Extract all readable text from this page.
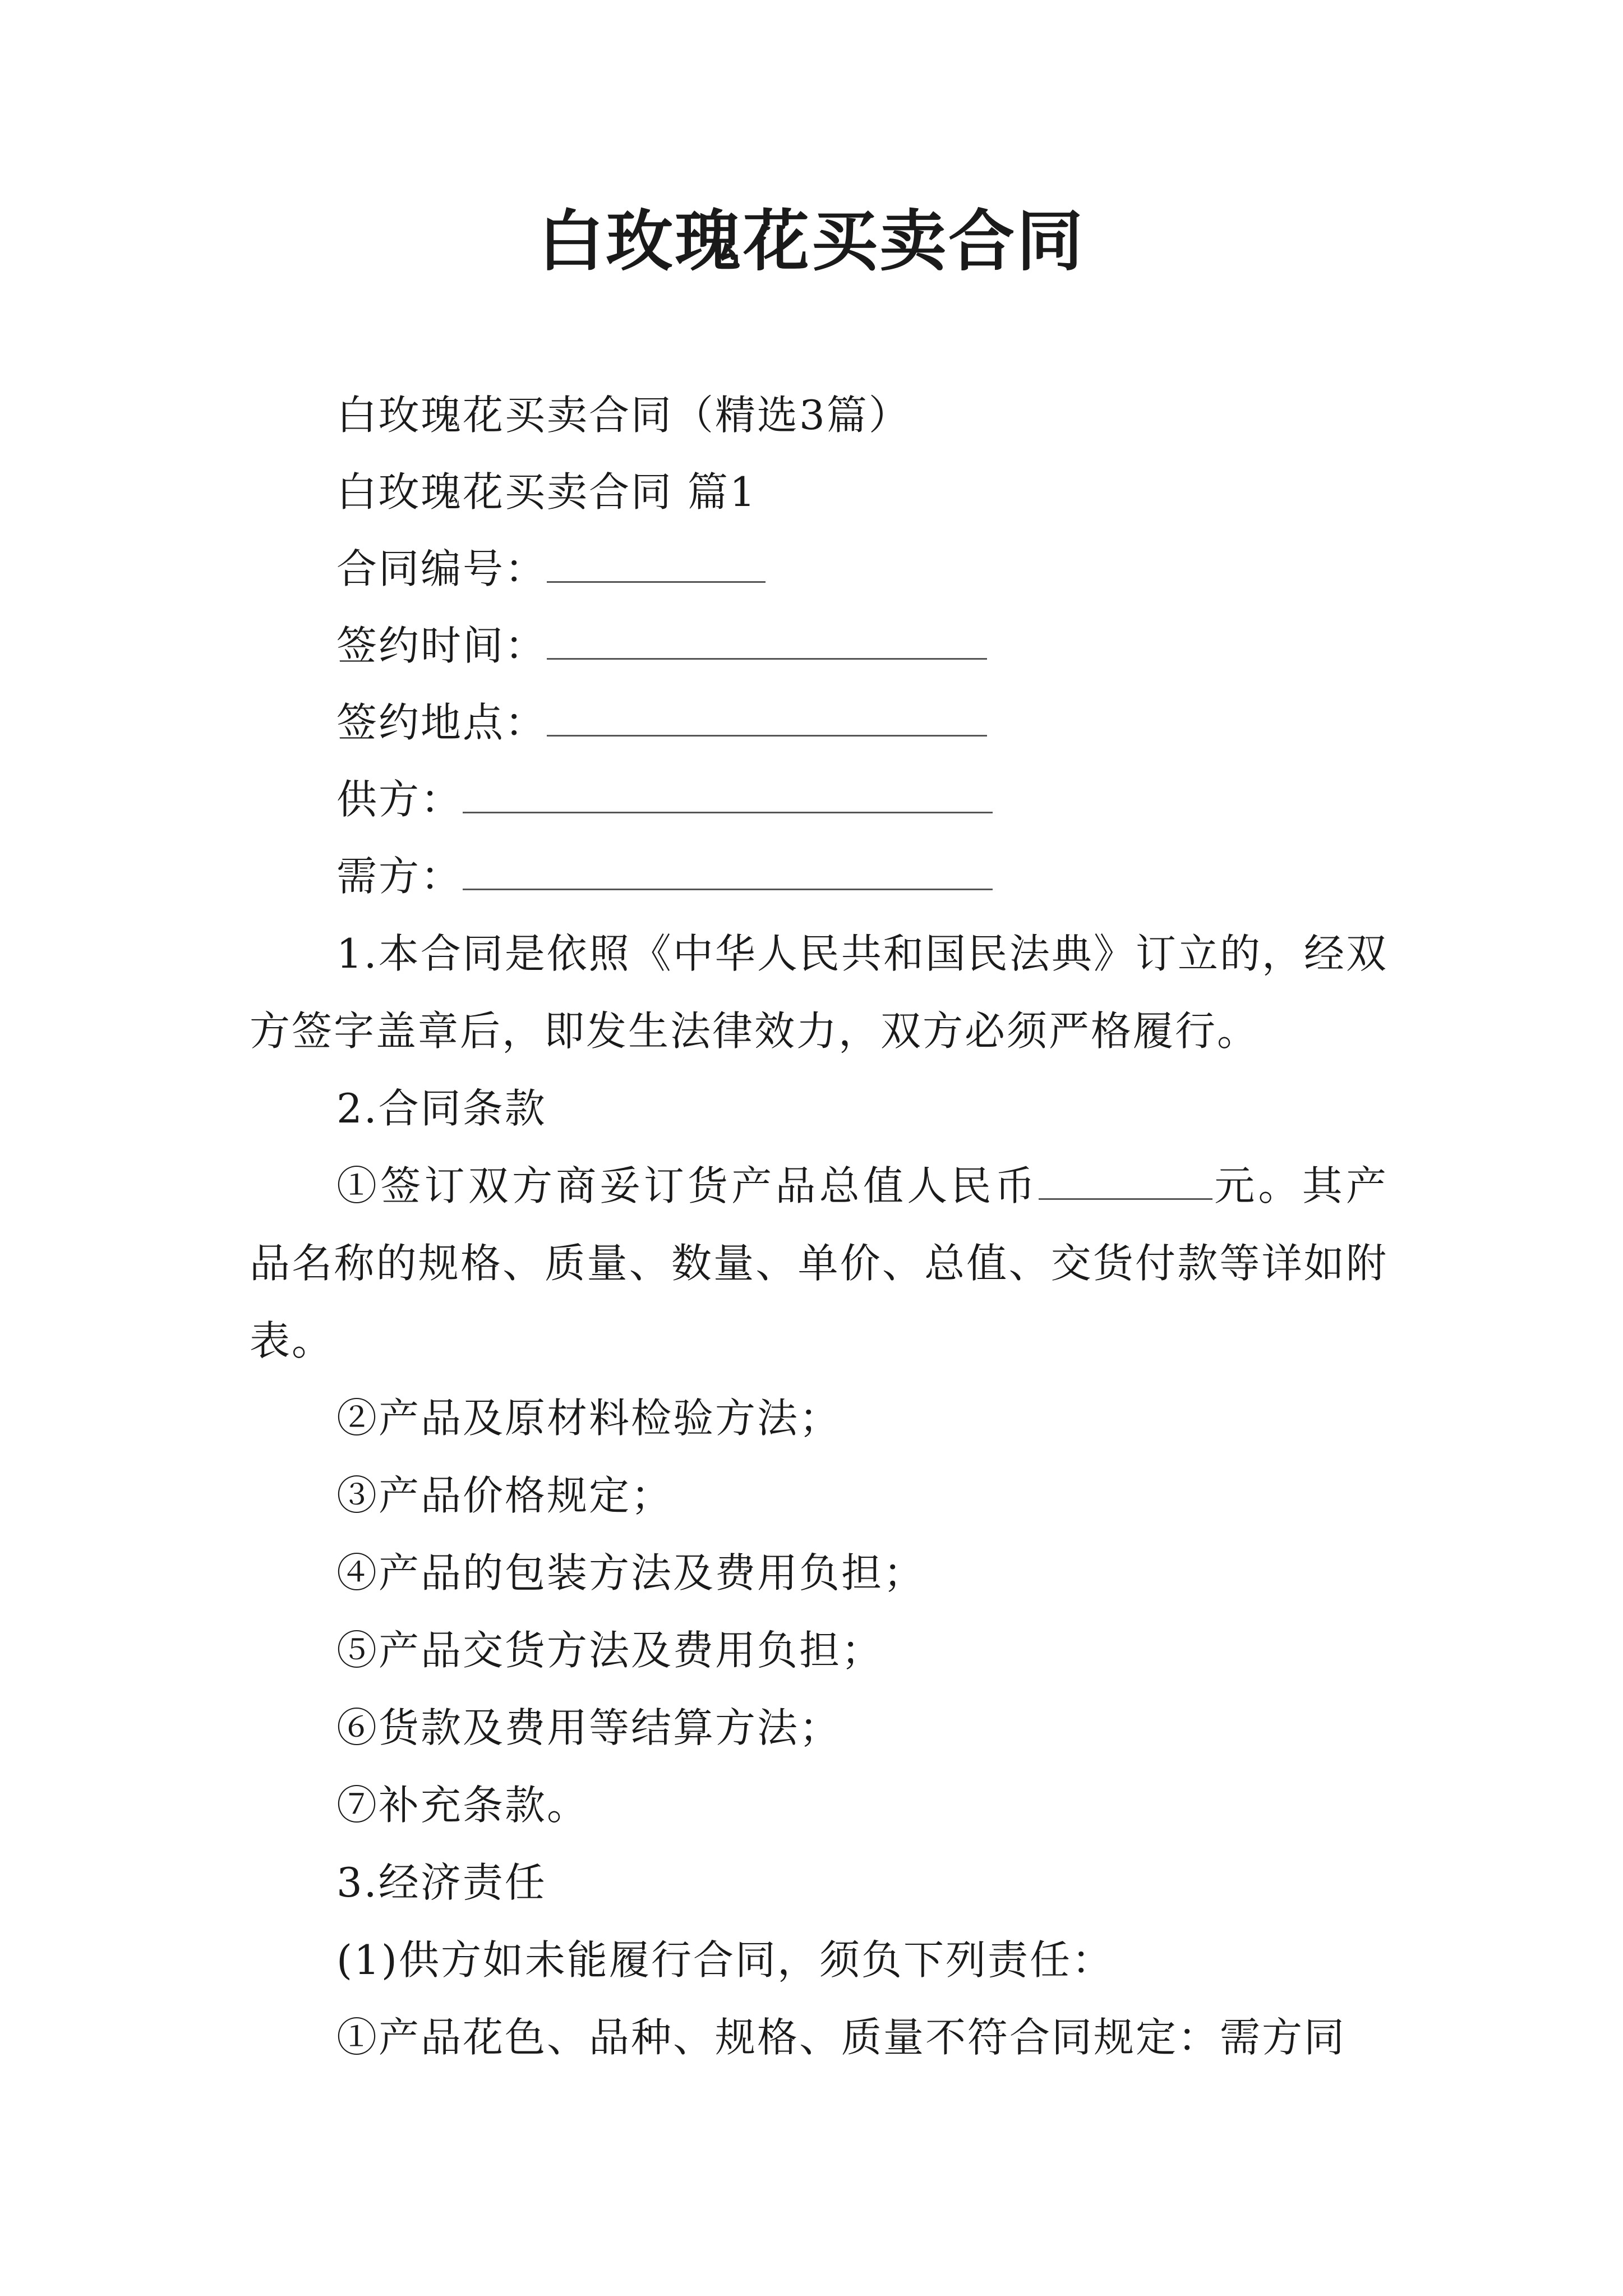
白玫瑰花买卖合同
白玫瑰花买卖合同（精选3篇）
白玫瑰花买卖合同 篇1
合同编号：
签约时间：
签约地点：
供方：
需方：
1.本合同是依照《中华人民共和国民法典》订立的，经双方签字盖章后，即发生法律效力，双方必须严格履行。
2.合同条款
①签订双方商妥订货产品总值人民币	元。其产品名称的规格、质量、数量、单价、总值、交货付款等详如附表。
②产品及原材料检验方法；
③产品价格规定；
④产品的包装方法及费用负担；
⑤产品交货方法及费用负担；
⑥货款及费用等结算方法；
⑦补充条款。
3.经济责任
(1)供方如未能履行合同，须负下列责任：
①产品花色、品种、规格、质量不符合同规定：需方同
